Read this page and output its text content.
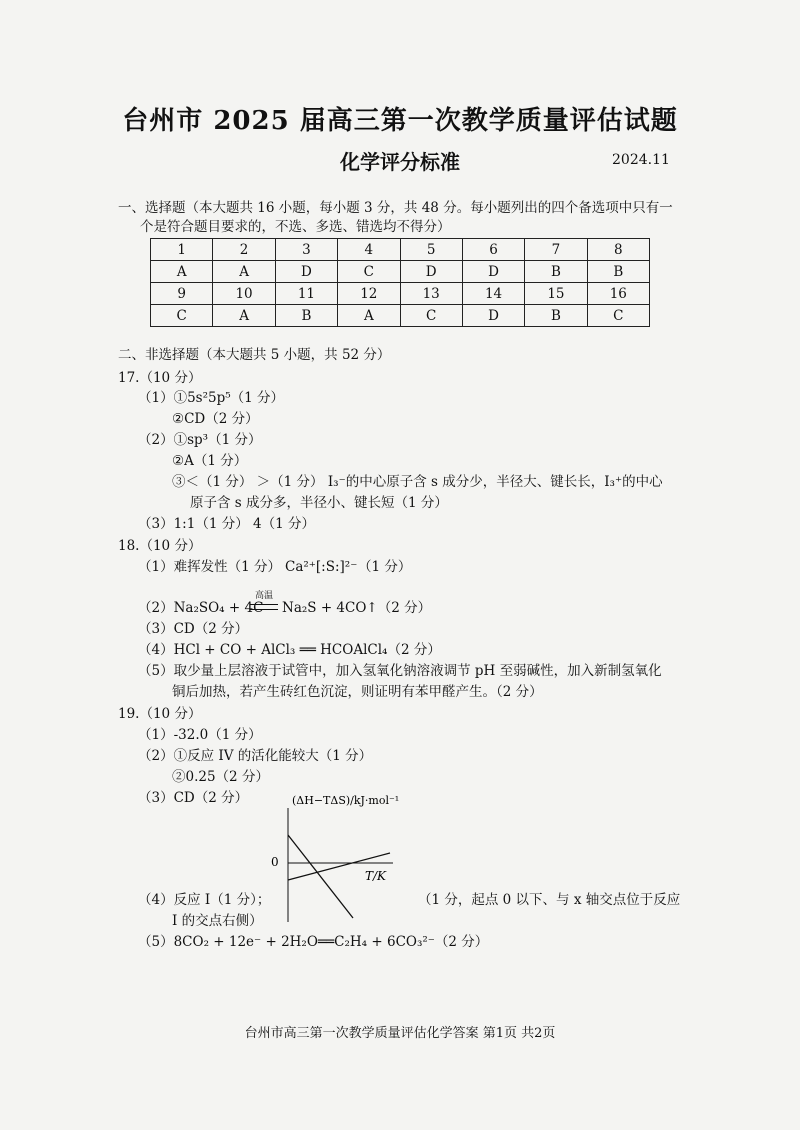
台州市 2025 届高三第一次教学质量评估试题
化学评分标准	2024.11
一、选择题（本大题共 16 小题，每小题 3 分，共 48 分。每小题列出的四个备选项中只有一
个是符合题目要求的，不选、多选、错选均不得分）
1	2	3	4	5	6	7	8
A	A	D	C	D	D	B	B
9	10	11	12	13	14	15	16
C	A	B	A	C	D	B	C
二、非选择题（本大题共 5 小题，共 52 分）
17.（10 分）
（1）①5s²5p⁵（1 分）
②CD（2 分）
（2）①sp³（1 分）
②A（1 分）
③＜（1 分） ＞（1 分） I₃⁻的中心原子含 s 成分少，半径大、键长长，I₃⁺的中心
原子含 s 成分多，半径小、键长短（1 分）
（3）1:1（1 分） 4（1 分）
18.（10 分）
（1）难挥发性（1 分） Ca²⁺[:S:]²⁻ （1 分）
（2）Na₂SO₄ + 4C
高温
Na₂S + 4CO↑（2 分）
（3）CD（2 分）
（4）HCl + CO + AlCl₃ ══ HCOAlCl₄（2 分）
（5）取少量上层溶液于试管中，加入氢氧化钠溶液调节 pH 至弱碱性，加入新制氢氧化
铜后加热，若产生砖红色沉淀，则证明有苯甲醛产生。（2 分）
19.（10 分）
（1）-32.0（1 分）
（2）①反应 IV 的活化能较大（1 分）
②0.25（2 分）
（3）CD（2 分）	(ΔH−TΔS)/kJ·mol⁻¹
0
T/K
（4）反应 I（1 分）；	（1 分，起点 0 以下、与 x 轴交点位于反应
I 的交点右侧）
（5）8CO₂ + 12e⁻ + 2H₂O══C₂H₄ + 6CO₃²⁻（2 分）
台州市高三第一次教学质量评估化学答案 第1页 共2页
